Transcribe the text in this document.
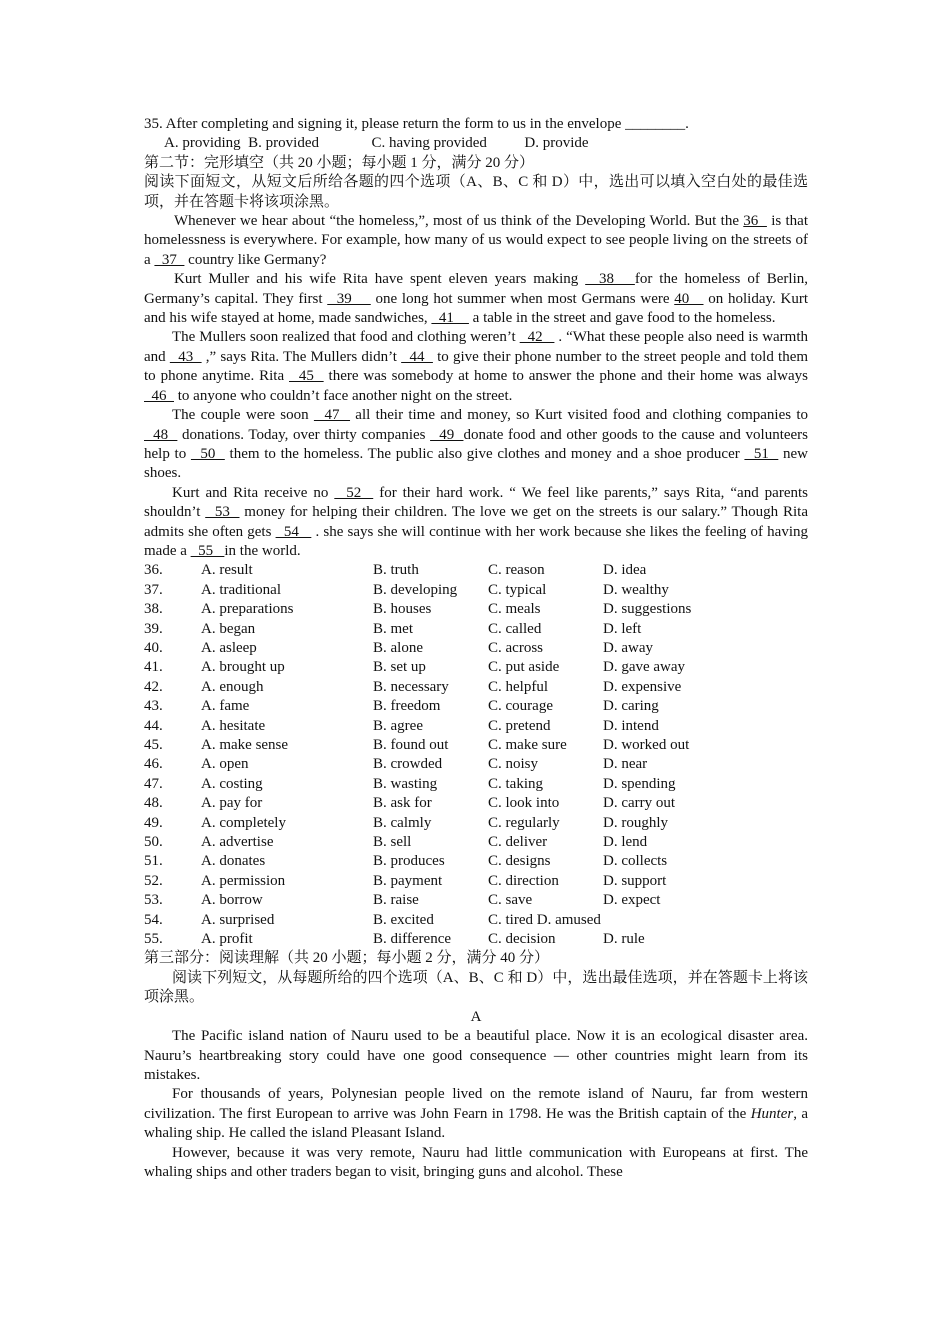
35. After completing and signing it, please return the form to us in the envelope ________.

A. providing  B. provided              C. having provided          D. provide

第二节：完形填空（共 20 小题；每小题 1 分，满分 20 分）

阅读下面短文，从短文后所给各题的四个选项（A、B、C 和 D）中，选出可以填入空白处的最佳选项，并在答题卡将该项涂黑。

Whenever we hear about “the homeless,”, most of us think of the Developing World. But the 36   is that homelessness is everywhere. For example, how many of us would expect to see people living on the streets of a   37   country like Germany?

Kurt Muller and his wife Rita have spent eleven years making   38   for the homeless of Berlin, Germany’s capital. They first   39     one long hot summer when most Germans were 40    on holiday. Kurt and his wife stayed at home, made sandwiches,   41     a table in the street and gave food to the homeless.

The Mullers soon realized that food and clothing weren’t   42    . “What these people also need is warmth and   43   ,” says Rita. The Mullers didn’t   44   to give their phone number to the street people and told them to phone anytime. Rita   45   there was somebody at home to answer the phone and their home was always   46   to anyone who couldn’t face another night on the street.

The couple were soon   47   all their time and money, so Kurt visited food and clothing companies to   48   donations. Today, over thirty companies   49  donate food and other goods to the cause and volunteers help to   50   them to the homeless. The public also give clothes and money and a shoe producer   51   new shoes.

Kurt and Rita receive no   52   for their hard work. “ We feel like parents,” says Rita, “and parents shouldn’t   53   money for helping their children. The love we get on the streets is our salary.” Though Rita admits she often gets   54    . she says she will continue with her work because she likes the feeling of having made a   55   in the world.

36.	A. result	B. truth	C. reason	D. idea
37.	A. traditional	B. developing	C. typical	D. wealthy
38.	A. preparations	B. houses	C. meals	D. suggestions
39.	A. began	B. met	C. called	D. left
40.	A. asleep	B. alone	C. across	D. away
41.	A. brought up	B. set up	C. put aside	D. gave away
42.	A. enough	B. necessary	C. helpful	D. expensive
43.	A. fame	B. freedom	C. courage	D. caring
44.	A. hesitate	B. agree	C. pretend	D. intend
45.	A. make sense	B. found out	C. make sure	D. worked out
46.	A. open	B. crowded	C. noisy	D. near
47.	A. costing	B. wasting	C. taking	D. spending
48.	A. pay for	B. ask for	C. look into	D. carry out
49.	A. completely	B. calmly	C. regularly	D. roughly
50.	A. advertise	B. sell	C. deliver	D. lend
51.	A. donates	B. produces	C. designs	D. collects
52.	A. permission	B. payment	C. direction	D. support
53.	A. borrow	B. raise	C. save	D. expect
54.	A. surprised	B. excited	C. tired D. amused	
55.	A. profit	B. difference	C. decision	D. rule

第三部分：阅读理解（共 20 小题；每小题 2 分，满分 40 分）

阅读下列短文，从每题所给的四个选项（A、B、C 和 D）中，选出最佳选项，并在答题卡上将该项涂黑。

A

The Pacific island nation of Nauru used to be a beautiful place. Now it is an ecological disaster area. Nauru’s heartbreaking story could have one good consequence — other countries might learn from its mistakes.

For thousands of years, Polynesian people lived on the remote island of Nauru, far from western civilization. The first European to arrive was John Fearn in 1798. He was the British captain of the Hunter, a whaling ship. He called the island Pleasant Island.

However, because it was very remote, Nauru had little communication with Europeans at first. The whaling ships and other traders began to visit, bringing guns and alcohol. These
